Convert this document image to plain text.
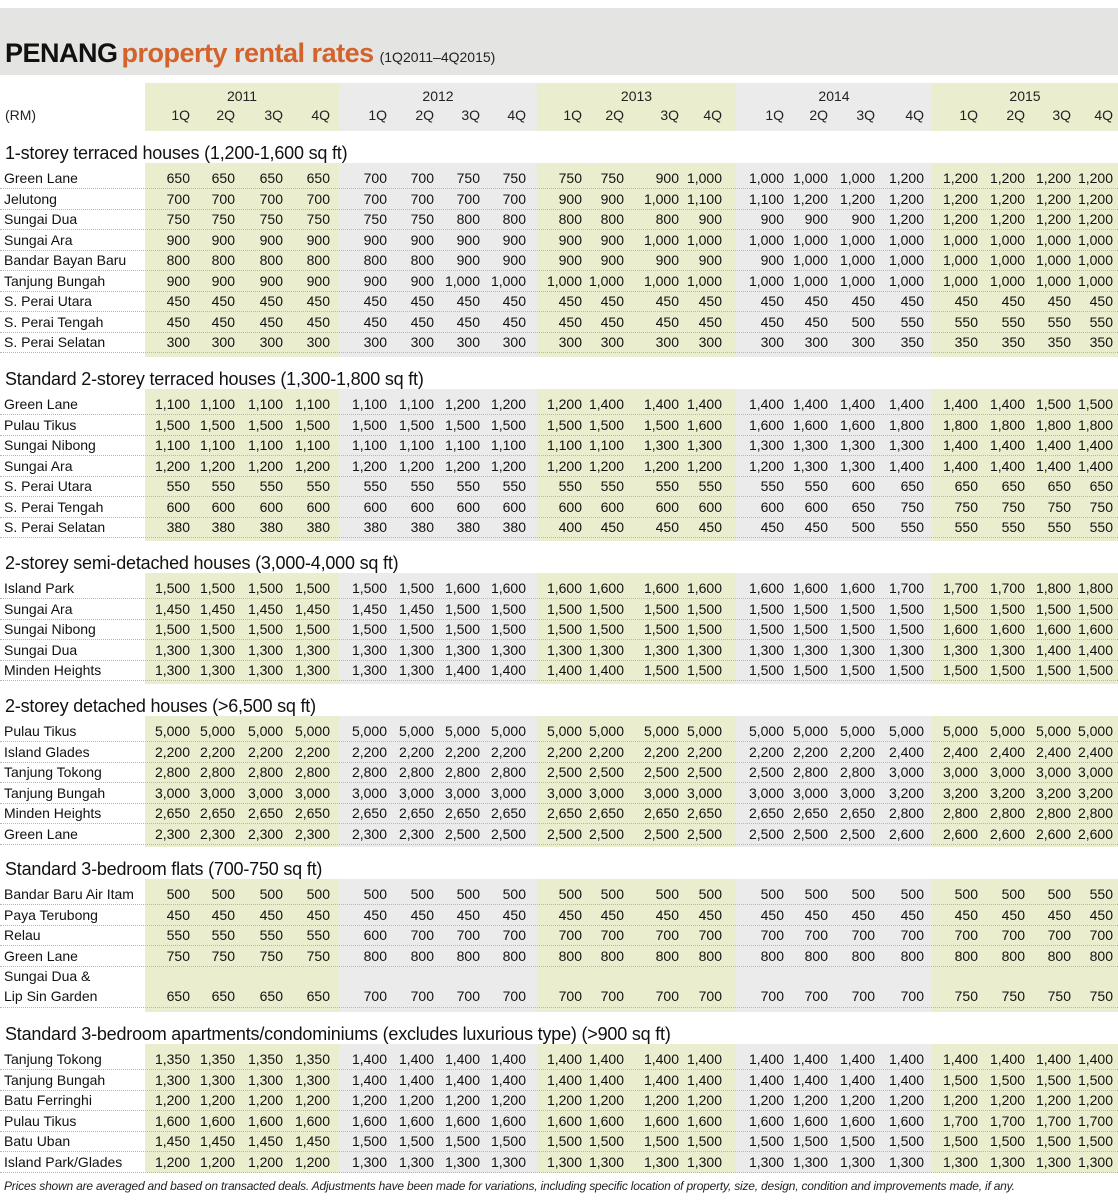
PENANG property rental rates (1Q2011–4Q2015)
(RM)
2011
1Q	2Q	3Q	4Q
2012
1Q	2Q	3Q	4Q
2013
1Q	2Q	3Q	4Q
2014
1Q	2Q	3Q	4Q
2015
1Q	2Q	3Q	4Q
1-storey terraced houses (1,200-1,600 sq ft)
Green Lane	650	650	650	650	700	700	750	750	750	750	900 1,000	1,000 1,000 1,000 1,200	1,200 1,200 1,200 1,200
Jelutong	700	700	700	700	700	700	700	700	900	900	1,000 1,100	1,100 1,200 1,200 1,200	1,200 1,200 1,200 1,200
Sungai Dua	750	750	750	750	750	750	800	800	800	800	800	900	900	900	900 1,200	1,200 1,200 1,200 1,200
Sungai Ara	900	900	900	900	900	900	900	900	900	900	1,000 1,000	1,000 1,000 1,000 1,000	1,000 1,000 1,000 1,000
Bandar Bayan Baru	800	800	800	800	800	800	900	900	900	900	900	900	900 1,000 1,000 1,000	1,000 1,000 1,000 1,000
Tanjung Bungah	900	900	900	900	900	900 1,000 1,000	1,000 1,000	1,000 1,000	1,000 1,000 1,000 1,000	1,000 1,000 1,000 1,000
S. Perai Utara	450	450	450	450	450	450	450	450	450	450	450	450	450	450	450	450	450	450	450	450
S. Perai Tengah	450	450	450	450	450	450	450	450	450	450	450	450	450	450	500	550	550	550	550	550
S. Perai Selatan	300	300	300	300	300	300	300	300	300	300	300	300	300	300	300	350	350	350	350	350
Standard 2-storey terraced houses (1,300-1,800 sq ft)
Green Lane	1,100 1,100 1,100 1,100	1,100 1,100 1,200 1,200	1,200 1,400	1,400 1,400	1,400 1,400 1,400 1,400	1,400 1,400 1,500 1,500
Pulau Tikus	1,500 1,500 1,500 1,500	1,500 1,500 1,500 1,500	1,500 1,500	1,500 1,600	1,600 1,600 1,600 1,800	1,800 1,800 1,800 1,800
Sungai Nibong	1,100 1,100 1,100 1,100	1,100 1,100 1,100 1,100	1,100 1,100	1,300 1,300	1,300 1,300 1,300 1,300	1,400 1,400 1,400 1,400
Sungai Ara	1,200 1,200 1,200 1,200	1,200 1,200 1,200 1,200	1,200 1,200	1,200 1,200	1,200 1,300 1,300 1,400	1,400 1,400 1,400 1,400
S. Perai Utara	550	550	550	550	550	550	550	550	550	550	550	550	550	550	600	650	650	650	650	650
S. Perai Tengah	600	600	600	600	600	600	600	600	600	600	600	600	600	600	650	750	750	750	750	750
S. Perai Selatan	380	380	380	380	380	380	380	380	400	450	450	450	450	450	500	550	550	550	550	550
2-storey semi-detached houses (3,000-4,000 sq ft)
Island Park	1,500 1,500 1,500 1,500	1,500 1,500 1,600 1,600	1,600 1,600	1,600 1,600	1,600 1,600 1,600 1,700	1,700 1,700 1,800 1,800
Sungai Ara	1,450 1,450 1,450 1,450	1,450 1,450 1,500 1,500	1,500 1,500	1,500 1,500	1,500 1,500 1,500 1,500	1,500 1,500 1,500 1,500
Sungai Nibong	1,500 1,500 1,500 1,500	1,500 1,500 1,500 1,500	1,500 1,500	1,500 1,500	1,500 1,500 1,500 1,500	1,600 1,600 1,600 1,600
Sungai Dua	1,300 1,300 1,300 1,300	1,300 1,300 1,300 1,300	1,300 1,300	1,300 1,300	1,300 1,300 1,300 1,300	1,300 1,300 1,400 1,400
Minden Heights	1,300 1,300 1,300 1,300	1,300 1,300 1,400 1,400	1,400 1,400	1,500 1,500	1,500 1,500 1,500 1,500	1,500 1,500 1,500 1,500
2-storey detached houses (>6,500 sq ft)
Pulau Tikus	5,000 5,000 5,000 5,000	5,000 5,000 5,000 5,000	5,000 5,000	5,000 5,000	5,000 5,000 5,000 5,000	5,000 5,000 5,000 5,000
Island Glades	2,200 2,200 2,200 2,200	2,200 2,200 2,200 2,200	2,200 2,200	2,200 2,200	2,200 2,200 2,200 2,400	2,400 2,400 2,400 2,400
Tanjung Tokong	2,800 2,800 2,800 2,800	2,800 2,800 2,800 2,800	2,500 2,500	2,500 2,500	2,500 2,800 2,800 3,000	3,000 3,000 3,000 3,000
Tanjung Bungah	3,000 3,000 3,000 3,000	3,000 3,000 3,000 3,000	3,000 3,000	3,000 3,000	3,000 3,000 3,000 3,200	3,200 3,200 3,200 3,200
Minden Heights	2,650 2,650 2,650 2,650	2,650 2,650 2,650 2,650	2,650 2,650	2,650 2,650	2,650 2,650 2,650 2,800	2,800 2,800 2,800 2,800
Green Lane	2,300 2,300 2,300 2,300	2,300 2,300 2,500 2,500	2,500 2,500	2,500 2,500	2,500 2,500 2,500 2,600	2,600 2,600 2,600 2,600
Standard 3-bedroom flats (700-750 sq ft)
Bandar Baru Air Itam	500	500	500	500	500	500	500	500	500	500	500	500	500	500	500	500	500	500	500	550
Paya Terubong	450	450	450	450	450	450	450	450	450	450	450	450	450	450	450	450	450	450	450	450
Relau	550	550	550	550	600	700	700	700	700	700	700	700	700	700	700	700	700	700	700	700
Green Lane	750	750	750	750	800	800	800	800	800	800	800	800	800	800	800	800	800	800	800	800
Sungai Dua &
Lip Sin Garden	650	650	650	650	700	700	700	700	700	700	700	700	700	700	700	700	750	750	750	750
Standard 3-bedroom apartments/condominiums (excludes luxurious type) (>900 sq ft)
Tanjung Tokong	1,350 1,350 1,350 1,350	1,400 1,400 1,400 1,400	1,400 1,400	1,400 1,400	1,400 1,400 1,400 1,400	1,400 1,400 1,400 1,400
Tanjung Bungah	1,300 1,300 1,300 1,300	1,400 1,400 1,400 1,400	1,400 1,400	1,400 1,400	1,400 1,400 1,400 1,400	1,500 1,500 1,500 1,500
Batu Ferringhi	1,200 1,200 1,200 1,200	1,200 1,200 1,200 1,200	1,200 1,200	1,200 1,200	1,200 1,200 1,200 1,200	1,200 1,200 1,200 1,200
Pulau Tikus	1,600 1,600 1,600 1,600	1,600 1,600 1,600 1,600	1,600 1,600	1,600 1,600	1,600 1,600 1,600 1,600	1,700 1,700 1,700 1,700
Batu Uban	1,450 1,450 1,450 1,450	1,500 1,500 1,500 1,500	1,500 1,500	1,500 1,500	1,500 1,500 1,500 1,500	1,500 1,500 1,500 1,500
Island Park/Glades	1,200 1,200 1,200 1,200	1,300 1,300 1,300 1,300	1,300 1,300	1,300 1,300	1,300 1,300 1,300 1,300	1,300 1,300 1,300 1,300
Prices shown are averaged and based on transacted deals. Adjustments have been made for variations, including specific location of property, size, design, condition and improvements made, if any.
